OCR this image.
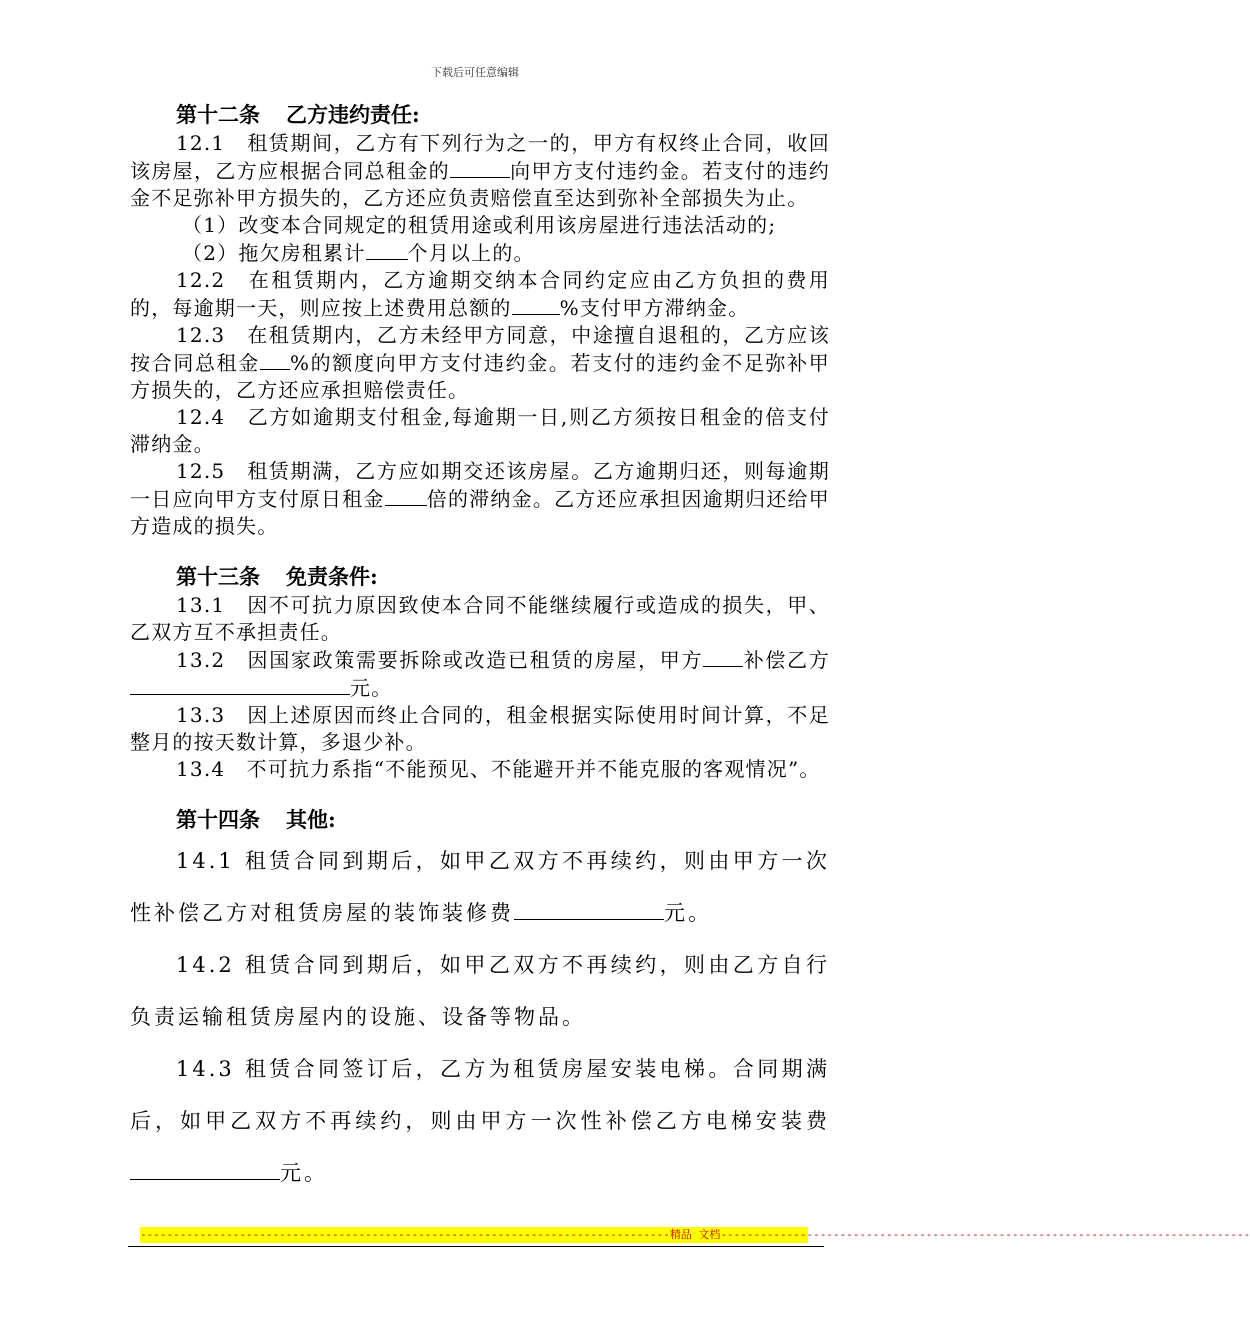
下载后可任意编辑

第十二条 乙方违约责任:

12.1　租赁期间，乙方有下列行为之一的，甲方有权终止合同，收回该房屋，乙方应根据合同总租金的	向甲方支付违约金。若支付的违约金不足弥补甲方损失的，乙方还应负责赔偿直至达到弥补全部损失为止。

（1）改变本合同规定的租赁用途或利用该房屋进行违法活动的;

（2）拖欠房租累计 个月以上的。

12.2　在租赁期内，乙方逾期交纳本合同约定应由乙方负担的费用的，每逾期一天，则应按上述费用总额的 %支付甲方滞纳金。

12.3　在租赁期内，乙方未经甲方同意，中途擅自退租的，乙方应该按合同总租金 %的额度向甲方支付违约金。若支付的违约金不足弥补甲方损失的，乙方还应承担赔偿责任。

12.4　乙方如逾期支付租金,每逾期一日,则乙方须按日租金的倍支付滞纳金。

12.5　租赁期满，乙方应如期交还该房屋。乙方逾期归还，则每逾期一日应向甲方支付原日租金 倍的滞纳金。乙方还应承担因逾期归还给甲方造成的损失。

第十三条 免责条件:

13.1　因不可抗力原因致使本合同不能继续履行或造成的损失，甲、乙双方互不承担责任。

13.2　因国家政策需要拆除或改造已租赁的房屋，甲方 补偿乙方元。

13.3　因上述原因而终止合同的，租金根据实际使用时间计算，不足整月的按天数计算，多退少补。

13.4　不可抗力系指“不能预见、不能避开并不能克服的客观情况”。

第十四条 其他:

14.1 租赁合同到期后，如甲乙双方不再续约，则由甲方一次性补偿乙方对租赁房屋的装饰装修费	元。

14.2 租赁合同到期后，如甲乙双方不再续约，则由乙方自行负责运输租赁房屋内的设施、设备等物品。

14.3 租赁合同签订后，乙方为租赁房屋安装电梯。合同期满后，如甲乙双方不再续约，则由甲方一次性补偿乙方电梯安装费元。

--------------------------------------------------------------------------------精品 文档--------------------------------------------------------------------------------
